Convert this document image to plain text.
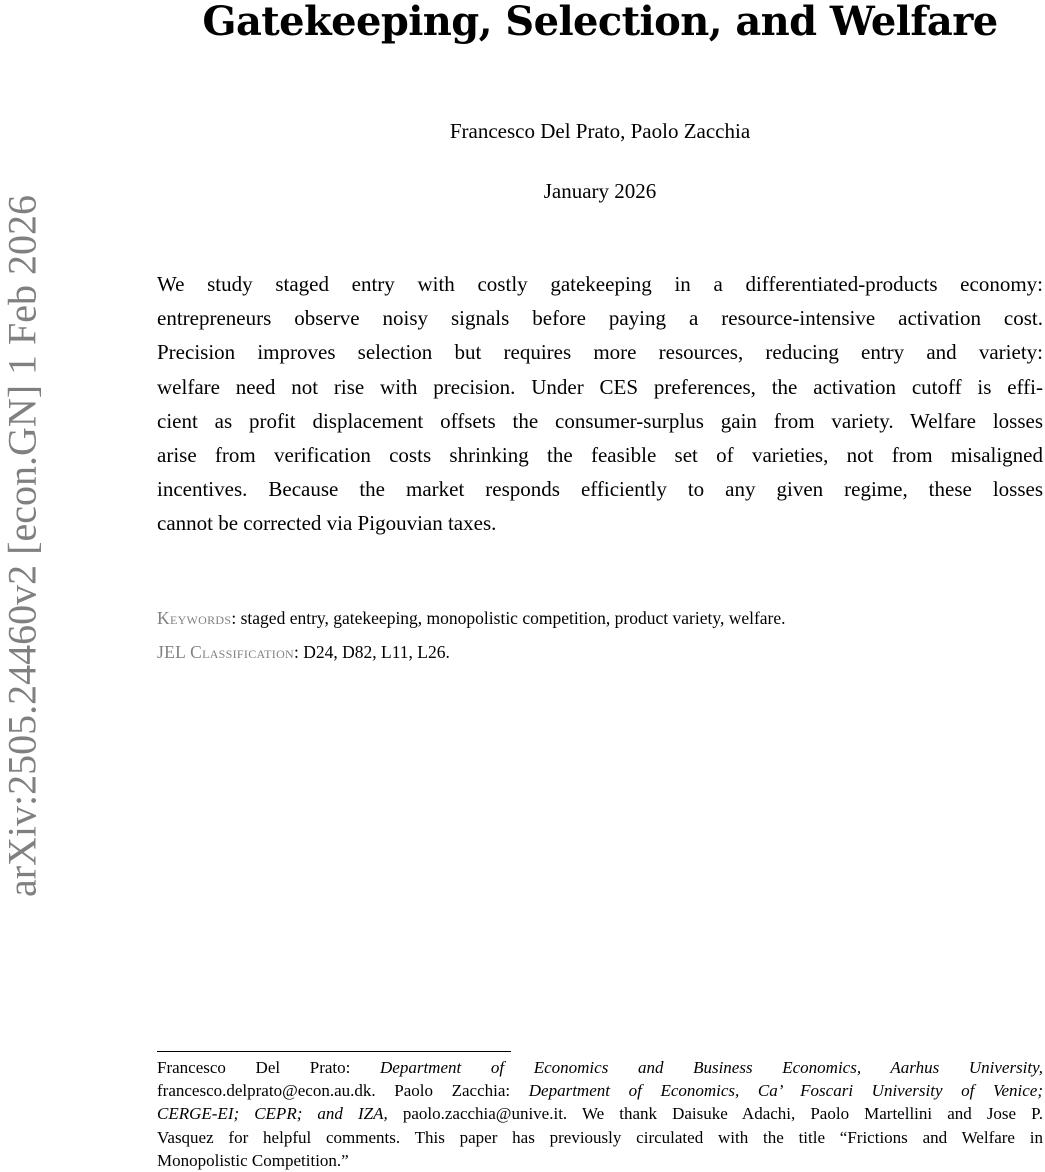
arXiv:2505.24460v2 [econ.GN] 1 Feb 2026
Gatekeeping, Selection, and Welfare
Francesco Del Prato, Paolo Zacchia
January 2026

We study staged entry with costly gatekeeping in a differentiated-products economy:
entrepreneurs observe noisy signals before paying a resource-intensive activation cost.
Precision improves selection but requires more resources, reducing entry and variety:
welfare need not rise with precision. Under CES preferences, the activation cutoff is effi-
cient as profit displacement offsets the consumer-surplus gain from variety. Welfare losses
arise from verification costs shrinking the feasible set of varieties, not from misaligned
incentives. Because the market responds efficiently to any given regime, these losses
cannot be corrected via Pigouvian taxes.

Keywords: staged entry, gatekeeping, monopolistic competition, product variety, welfare.
JEL Classification: D24, D82, L11, L26.
Francesco Del Prato: Department of Economics and Business Economics, Aarhus University,
francesco.delprato@econ.au.dk. Paolo Zacchia: Department of Economics, Ca’ Foscari University of Venice;
CERGE-EI; CEPR; and IZA, paolo.zacchia@unive.it. We thank Daisuke Adachi, Paolo Martellini and Jose P.
Vasquez for helpful comments. This paper has previously circulated with the title “Frictions and Welfare in
Monopolistic Competition.”
